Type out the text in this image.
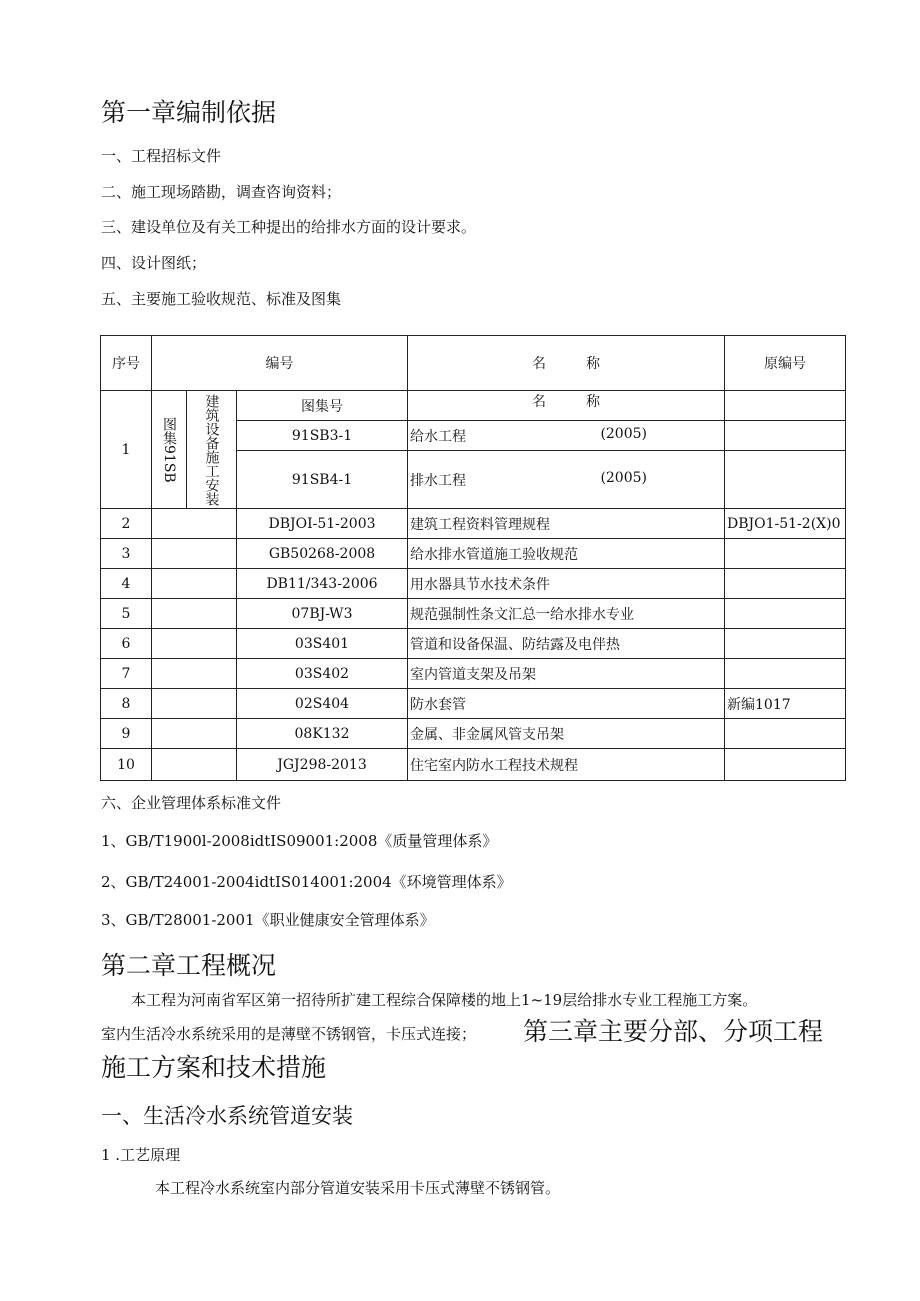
第一章编制依据
一、工程招标文件
二、施工现场踏勘，调查咨询资料；
三、建设单位及有关工种提出的给排水方面的设计要求。
四、设计图纸；
五、主要施工验收规范、标准及图集
序号	编号			名 称	原编号
1	图集91SB	建筑设备施工安装	图集号	名 称	
			91SB3-1	给水工程 (2005)	

			91SB4-1	排水工程 (2005)	

2			DBJOI-51-2003	建筑工程资料管理规程	DBJO1-51-2(X)0
3			GB50268-2008	给水排水管道施工验收规范	
4			DB11/343-2006	用水器具节水技术条件	
5			07BJ-W3	规范强制性条文汇总一给水排水专业	
6			03S401	管道和设备保温、防结露及电伴热	
7			03S402	室内管道支架及吊架	
8			02S404	防水套管	新编1017
9			08K132	金属、非金属风管支吊架	
10			JGJ298-2013	住宅室内防水工程技术规程	
六、企业管理体系标准文件
1、GB/T1900l-2008idtIS09001:2008《质量管理体系》
2、GB/T24001-2004idtIS014001:2004《环境管理体系》
3、GB/T28001-2001《职业健康安全管理体系》
第二章工程概况
本工程为河南省军区第一招待所扩建工程综合保障楼的地上1~19层给排水专业工程施工方案。
室内生活冷水系统采用的是薄壁不锈钢管，卡压式连接； 第三章主要分部、分项工程
施工方案和技术措施
一、生活冷水系统管道安装
1 .工艺原理
本工程冷水系统室内部分管道安装采用卡压式薄壁不锈钢管。
